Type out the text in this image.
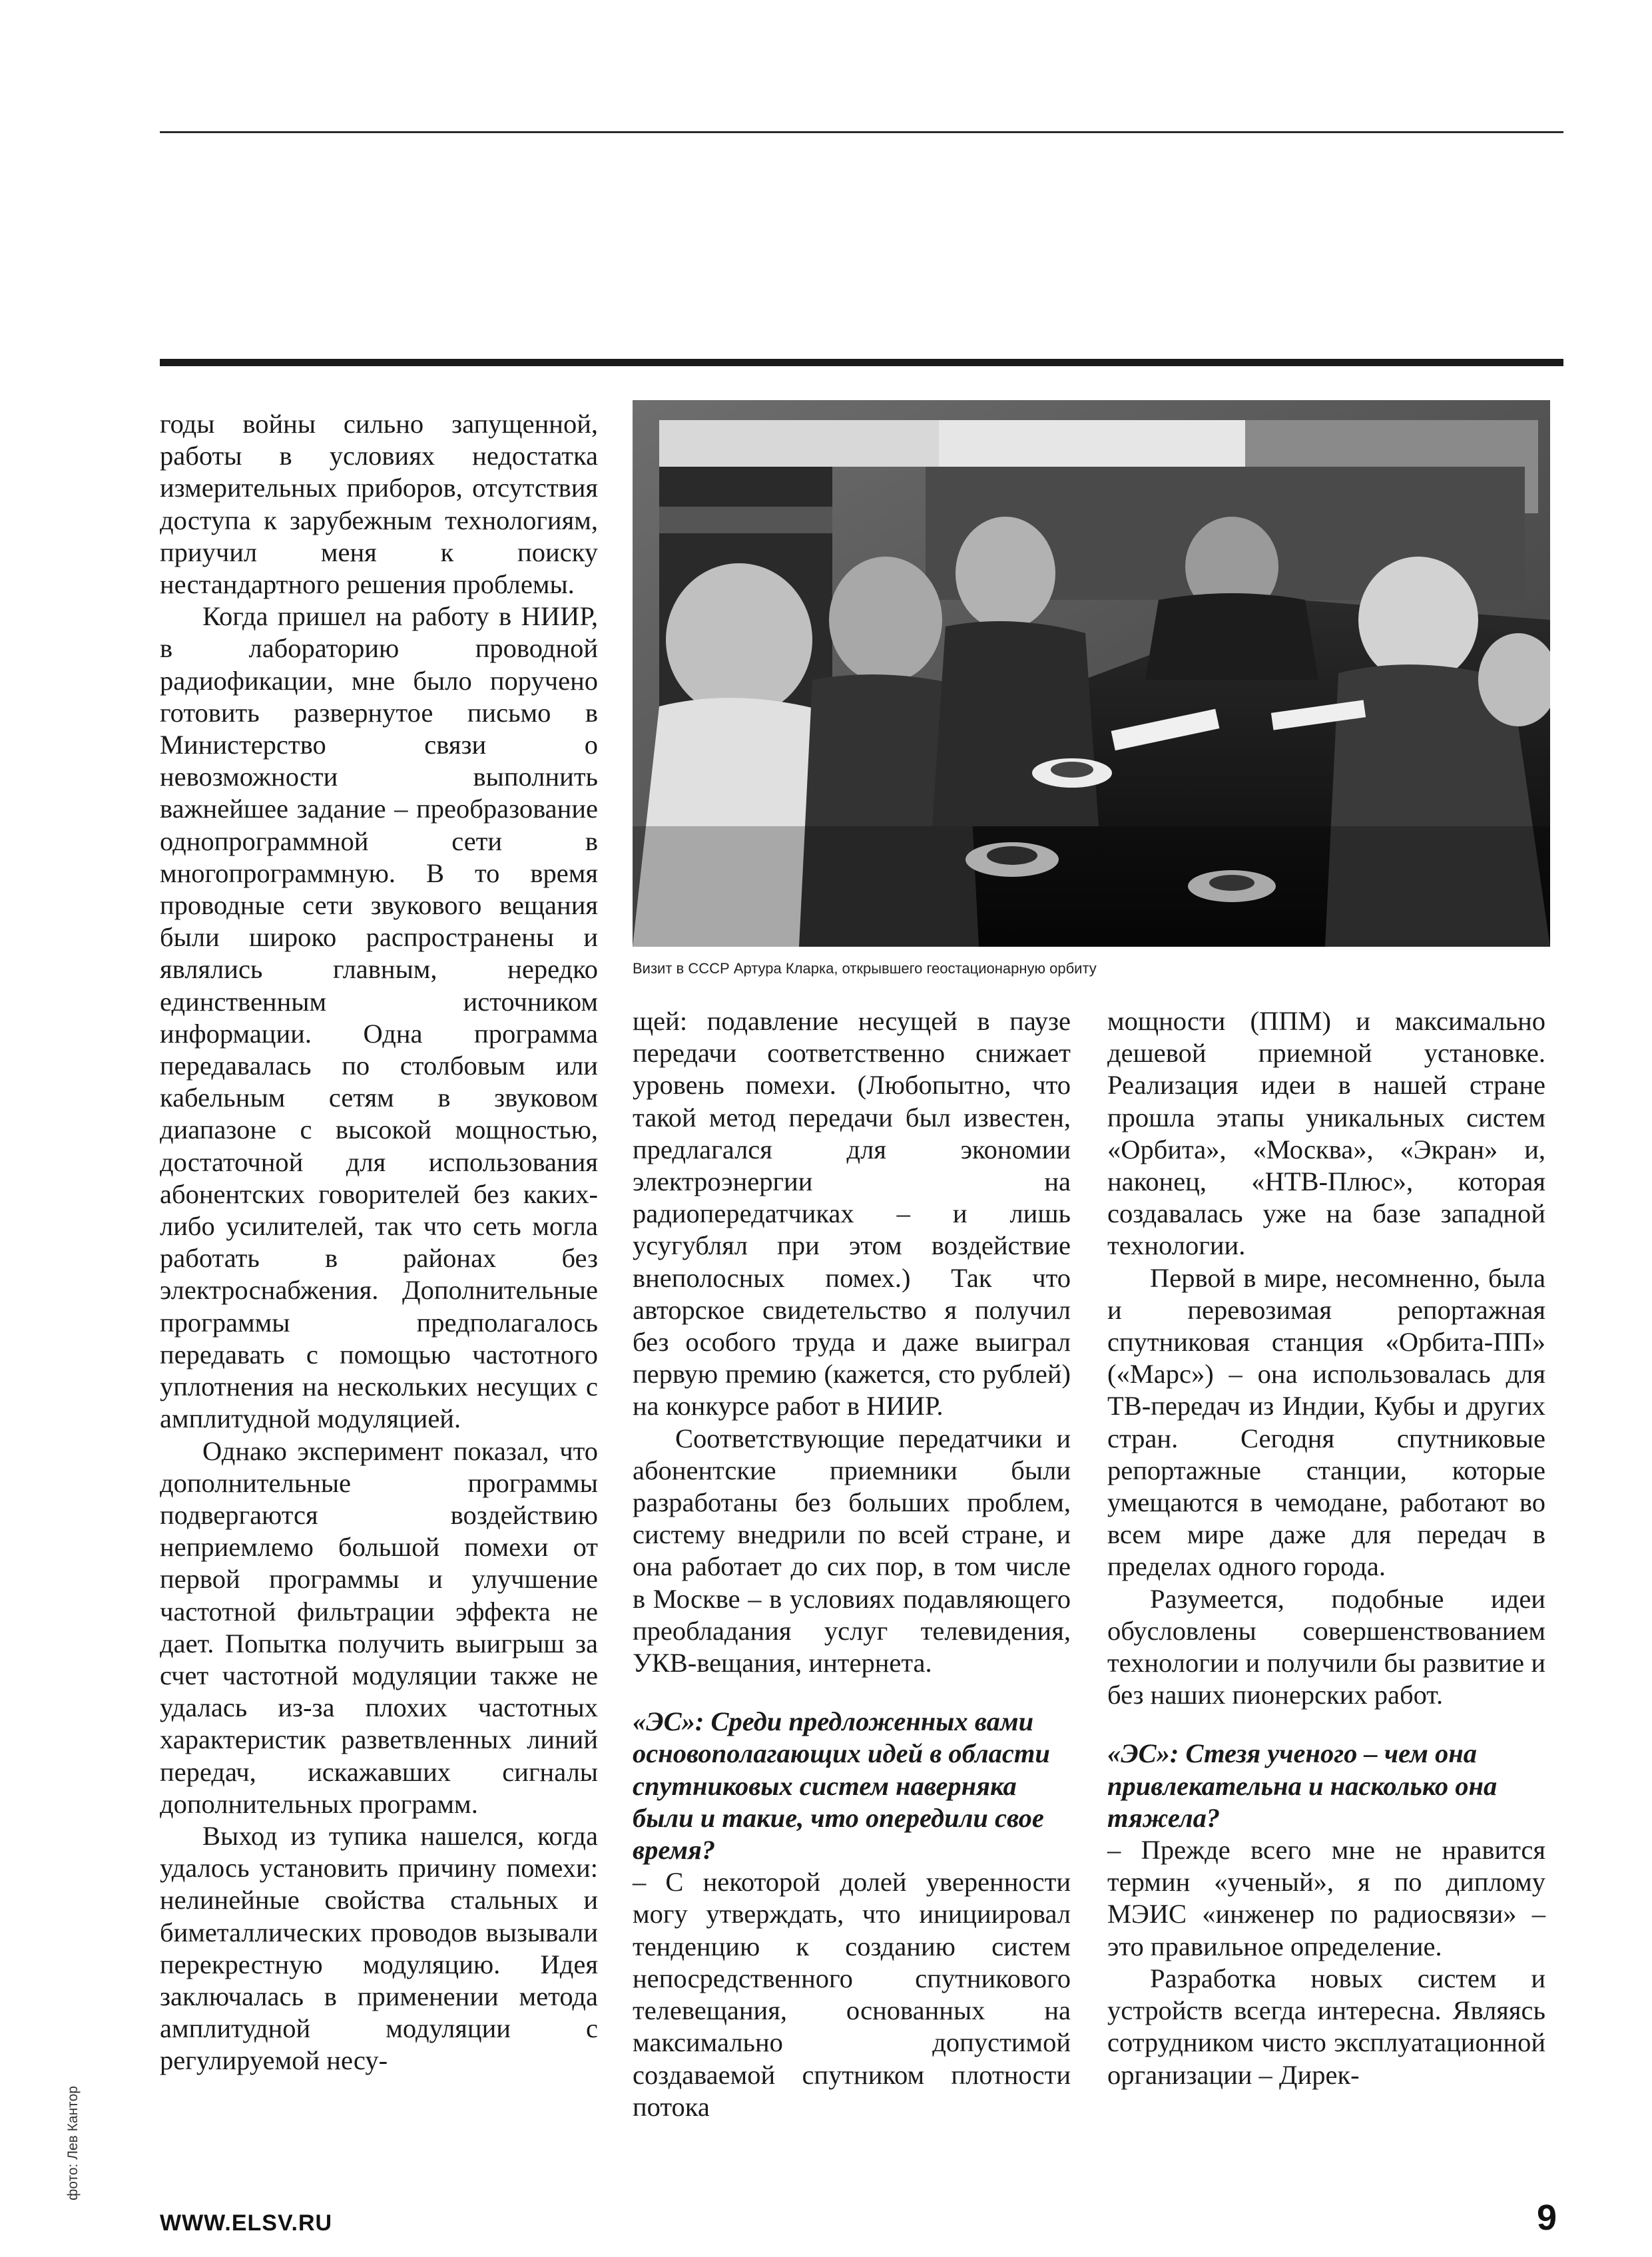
годы войны сильно запущенной, работы в условиях недостатка измерительных приборов, отсутствия доступа к зарубежным технологиям, приучил меня к поиску нестандартного решения проблемы.

Когда пришел на работу в НИИР, в лабораторию проводной радиофикации, мне было поручено готовить развернутое письмо в Министерство связи о невозможности выполнить важнейшее задание – преобразование однопрограммной сети в многопрограммную. В то время проводные сети звукового вещания были широко распространены и являлись главным, нередко единственным источником информации. Одна программа передавалась по столбовым или кабельным сетям в звуковом диапазоне с высокой мощностью, достаточной для использования абонентских говорителей без каких-либо усилителей, так что сеть могла работать в районах без электроснабжения. Дополнительные программы предполагалось передавать с помощью частотного уплотнения на нескольких несущих с амплитудной модуляцией.

Однако эксперимент показал, что дополнительные программы подвергаются воздействию неприемлемо большой помехи от первой программы и улучшение частотной фильтрации эффекта не дает. Попытка получить выигрыш за счет частотной модуляции также не удалась из-за плохих частотных характеристик разветвленных линий передач, искажавших сигналы дополнительных программ.

Выход из тупика нашелся, когда удалось установить причину помехи: нелинейные свойства стальных и биметаллических проводов вызывали перекрестную модуляцию. Идея заключалась в применении метода амплитудной модуляции с регулируемой несу-

Визит в СССР Артура Кларка, открывшего геостационарную орбиту

щей: подавление несущей в паузе передачи соответственно снижает уровень помехи. (Любопытно, что такой метод передачи был известен, предлагался для экономии электроэнергии на радиопередатчиках – и лишь усугублял при этом воздействие внеполосных помех.) Так что авторское свидетельство я получил без особого труда и даже выиграл первую премию (кажется, сто рублей) на конкурсе работ в НИИР.

Соответствующие передатчики и абонентские приемники были разработаны без больших проблем, систему внедрили по всей стране, и она работает до сих пор, в том числе в Москве – в условиях подавляющего преобладания услуг телевидения, УКВ-вещания, интернета.

«ЭС»: Среди предложенных вами основополагающих идей в области спутниковых систем наверняка были и такие, что опередили свое время?

– С некоторой долей уверенности могу утверждать, что инициировал тенденцию к созданию систем непосредственного спутникового телевещания, основанных на максимально допустимой создаваемой спутником плотности потока

мощности (ППМ) и максимально дешевой приемной установке. Реализация идеи в нашей стране прошла этапы уникальных систем «Орбита», «Москва», «Экран» и, наконец, «НТВ-Плюс», которая создавалась уже на базе западной технологии.

Первой в мире, несомненно, была и перевозимая репортажная спутниковая станция «Орбита-ПП» («Марс») – она использовалась для ТВ-передач из Индии, Кубы и других стран. Сегодня спутниковые репортажные станции, которые умещаются в чемодане, работают во всем мире даже для передач в пределах одного города.

Разумеется, подобные идеи обусловлены совершенствованием технологии и получили бы развитие и без наших пионерских работ.

«ЭС»: Стезя ученого – чем она привлекательна и насколько она тяжела?

– Прежде всего мне не нравится термин «ученый», я по диплому МЭИС «инженер по радиосвязи» – это правильное определение.

Разработка новых систем и устройств всегда интересна. Являясь сотрудником чисто эксплуатационной организации – Дирек-

фото: Лев Кантор
WWW.ELSV.RU	9
